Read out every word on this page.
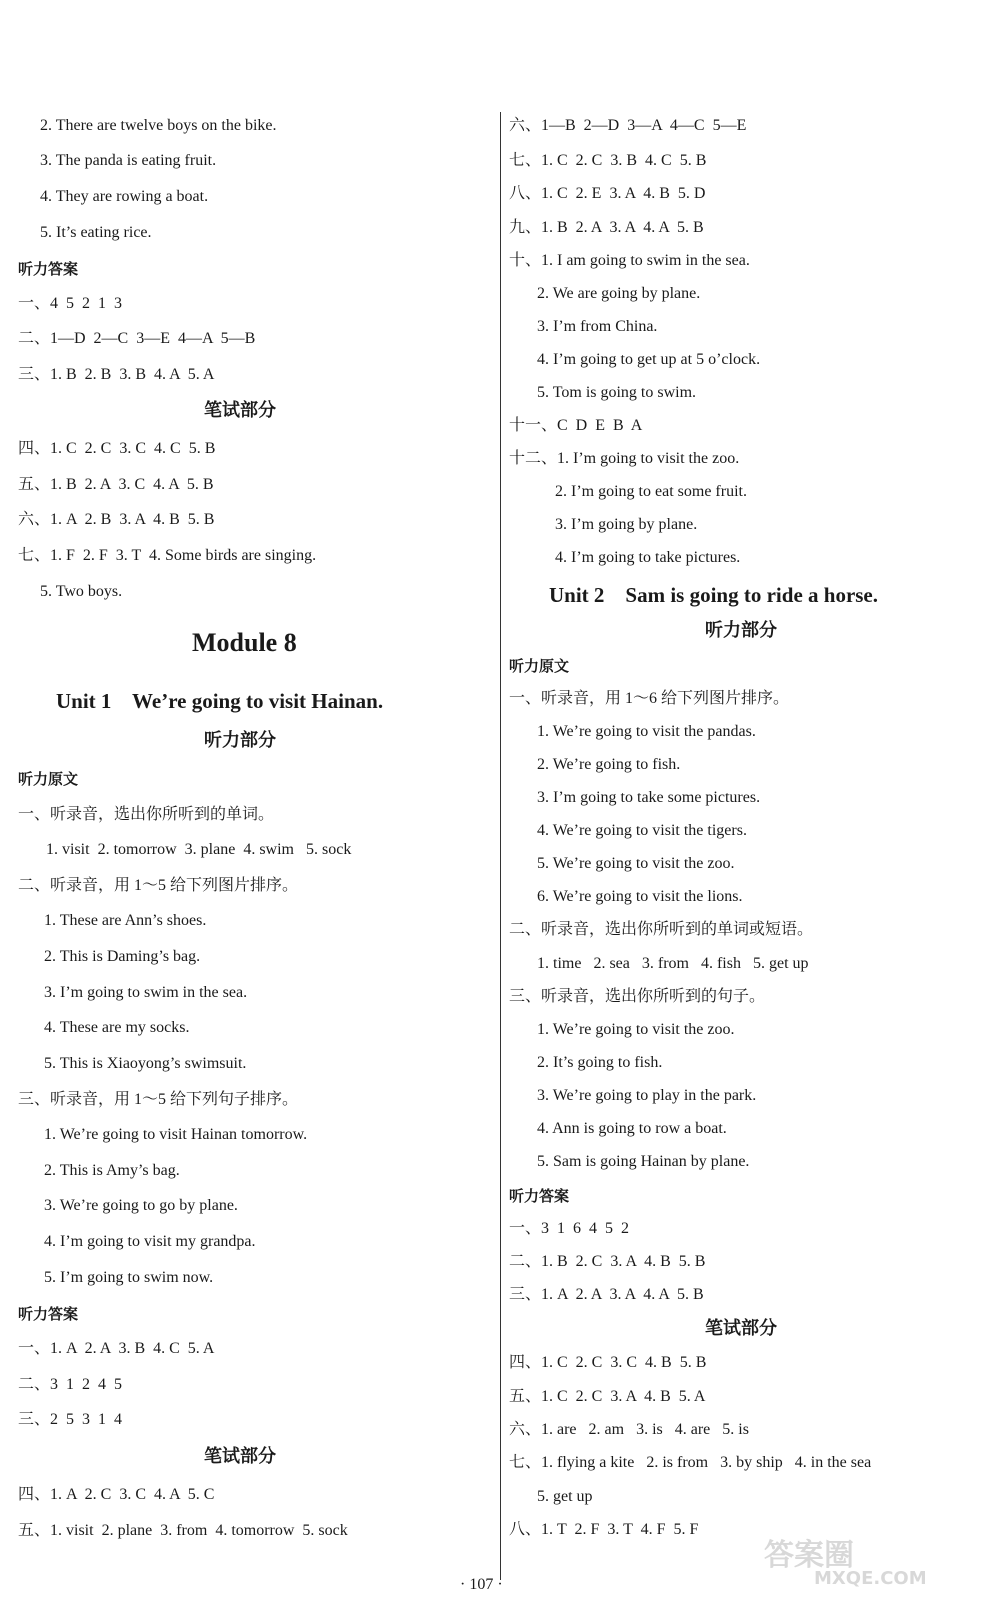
2. There are twelve boys on the bike.
3. The panda is eating fruit.
4. They are rowing a boat.
5. It’s eating rice.
听力答案
一、4  5  2  1  3
二、1—D  2—C  3—E  4—A  5—B
三、1. B  2. B  3. B  4. A  5. A
笔试部分
四、1. C  2. C  3. C  4. C  5. B
五、1. B  2. A  3. C  4. A  5. B
六、1. A  2. B  3. A  4. B  5. B
七、1. F  2. F  3. T  4. Some birds are singing.
5. Two boys.
Module 8
Unit 1    We’re going to visit Hainan.
听力部分
听力原文
一、听录音，选出你所听到的单词。
1. visit  2. tomorrow  3. plane  4. swim   5. sock
二、听录音，用 1～5 给下列图片排序。
1. These are Ann’s shoes.
2. This is Daming’s bag.
3. I’m going to swim in the sea.
4. These are my socks.
5. This is Xiaoyong’s swimsuit.
三、听录音，用 1～5 给下列句子排序。
1. We’re going to visit Hainan tomorrow.
2. This is Amy’s bag.
3. We’re going to go by plane.
4. I’m going to visit my grandpa.
5. I’m going to swim now.
听力答案
一、1. A  2. A  3. B  4. C  5. A
二、3  1  2  4  5
三、2  5  3  1  4
笔试部分
四、1. A  2. C  3. C  4. A  5. C
五、1. visit  2. plane  3. from  4. tomorrow  5. sock
六、1—B  2—D  3—A  4—C  5—E
七、1. C  2. C  3. B  4. C  5. B
八、1. C  2. E  3. A  4. B  5. D
九、1. B  2. A  3. A  4. A  5. B
十、1. I am going to swim in the sea.
2. We are going by plane.
3. I’m from China.
4. I’m going to get up at 5 o’clock.
5. Tom is going to swim.
十一、C  D  E  B  A
十二、1. I’m going to visit the zoo.
2. I’m going to eat some fruit.
3. I’m going by plane.
4. I’m going to take pictures.
Unit 2    Sam is going to ride a horse.
听力部分
听力原文
一、听录音，用 1～6 给下列图片排序。
1. We’re going to visit the pandas.
2. We’re going to fish.
3. I’m going to take some pictures.
4. We’re going to visit the tigers.
5. We’re going to visit the zoo.
6. We’re going to visit the lions.
二、听录音，选出你所听到的单词或短语。
1. time   2. sea   3. from   4. fish   5. get up
三、听录音，选出你所听到的句子。
1. We’re going to visit the zoo.
2. It’s going to fish.
3. We’re going to play in the park.
4. Ann is going to row a boat.
5. Sam is going Hainan by plane.
听力答案
一、3  1  6  4  5  2
二、1. B  2. C  3. A  4. B  5. B
三、1. A  2. A  3. A  4. A  5. B
笔试部分
四、1. C  2. C  3. C  4. B  5. B
五、1. C  2. C  3. A  4. B  5. A
六、1. are   2. am   3. is   4. are   5. is
七、1. flying a kite   2. is from   3. by ship   4. in the sea
5. get up
八、1. T  2. F  3. T  4. F  5. F
· 107 ·
答案圈
MXQE.COM
